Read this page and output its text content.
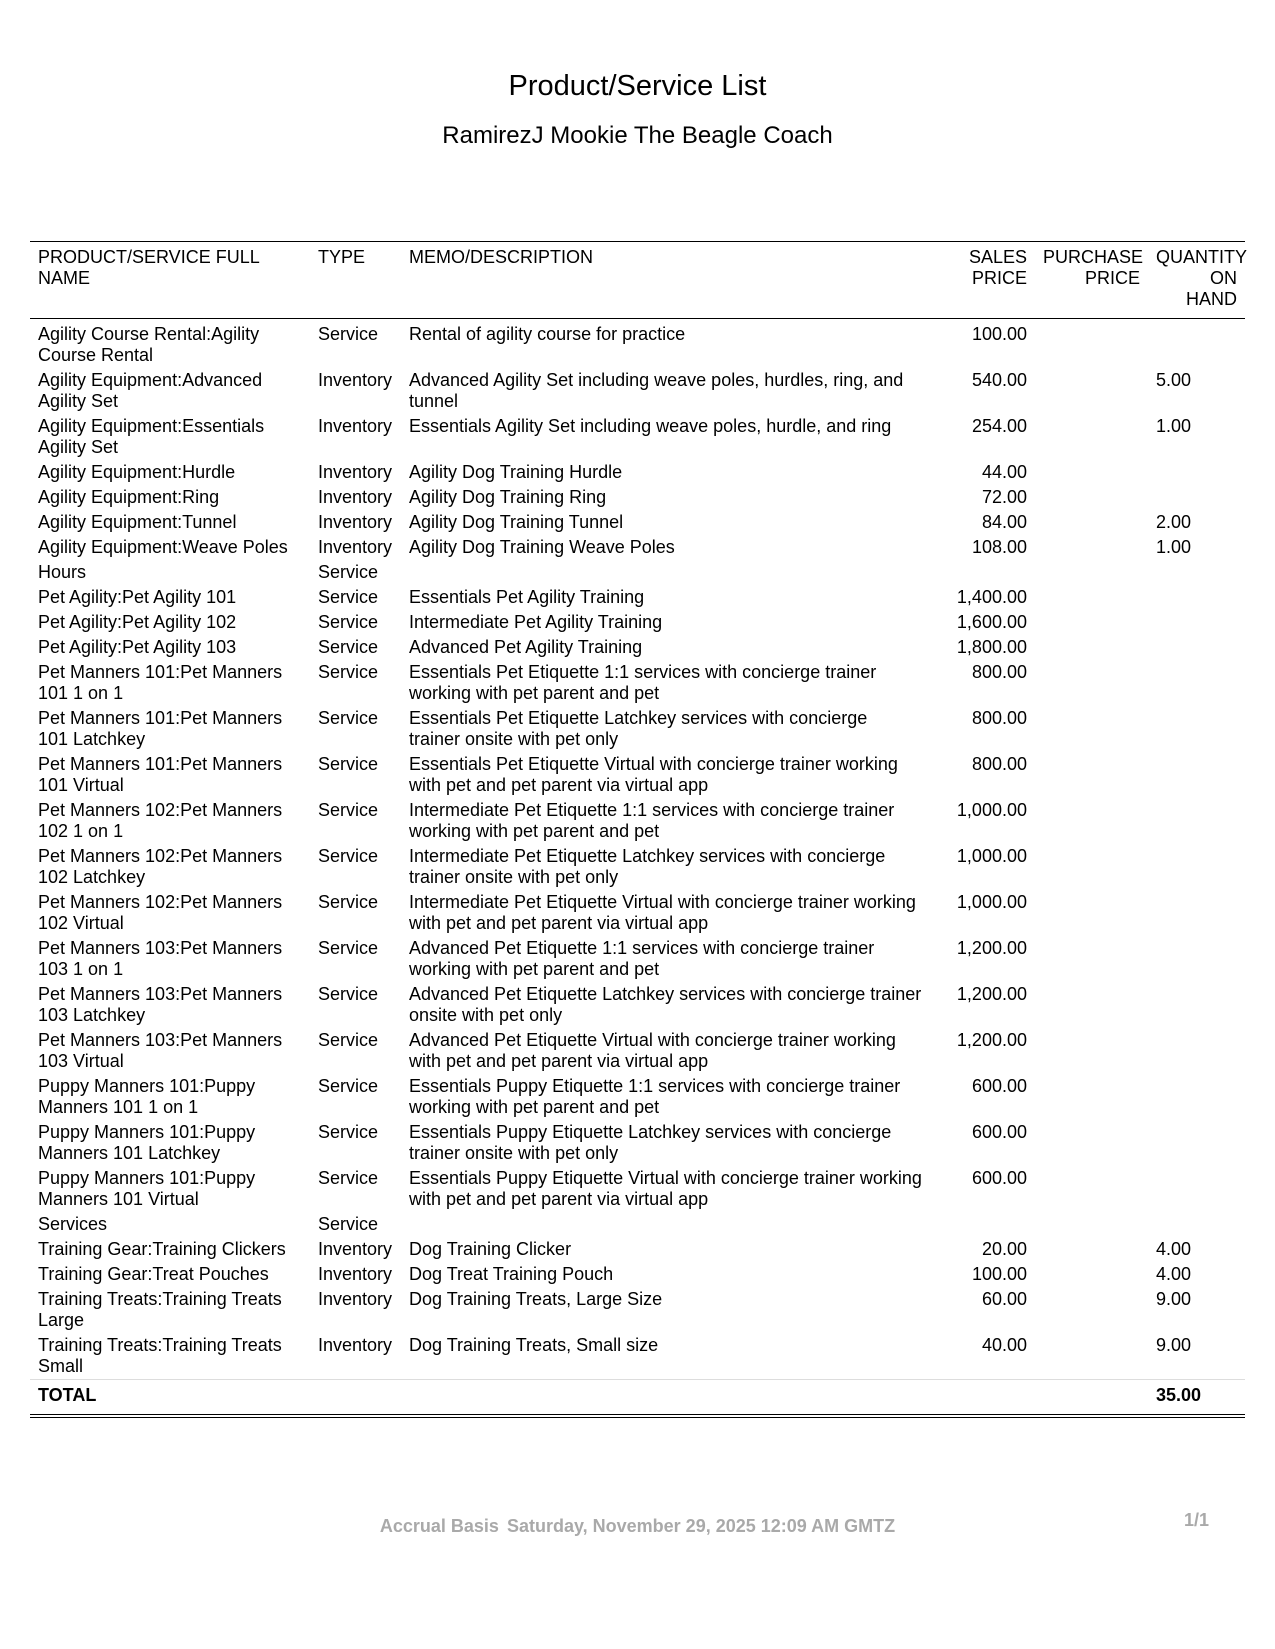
Product/Service List
RamirezJ Mookie The Beagle Coach
PRODUCT/SERVICE FULL NAME	TYPE	MEMO/DESCRIPTION	SALES PRICE	PURCHASE PRICE	QUANTITY ON HAND
Agility Course Rental:Agility Course Rental	Service	Rental of agility course for practice	100.00		
Agility Equipment:Advanced Agility Set	Inventory	Advanced Agility Set including weave poles, hurdles, ring, and tunnel	540.00		5.00
Agility Equipment:Essentials Agility Set	Inventory	Essentials Agility Set including weave poles, hurdle, and ring	254.00		1.00
Agility Equipment:Hurdle	Inventory	Agility Dog Training Hurdle	44.00		
Agility Equipment:Ring	Inventory	Agility Dog Training Ring	72.00		
Agility Equipment:Tunnel	Inventory	Agility Dog Training Tunnel	84.00		2.00
Agility Equipment:Weave Poles	Inventory	Agility Dog Training Weave Poles	108.00		1.00
Hours	Service				
Pet Agility:Pet Agility 101	Service	Essentials Pet Agility Training	1,400.00		
Pet Agility:Pet Agility 102	Service	Intermediate Pet Agility Training	1,600.00		
Pet Agility:Pet Agility 103	Service	Advanced Pet Agility Training	1,800.00		
Pet Manners 101:Pet Manners 101 1 on 1	Service	Essentials Pet Etiquette 1:1 services with concierge trainer working with pet parent and pet	800.00		
Pet Manners 101:Pet Manners 101 Latchkey	Service	Essentials Pet Etiquette Latchkey services with concierge trainer onsite with pet only	800.00		
Pet Manners 101:Pet Manners 101 Virtual	Service	Essentials Pet Etiquette Virtual with concierge trainer working with pet and pet parent via virtual app	800.00		
Pet Manners 102:Pet Manners 102 1 on 1	Service	Intermediate Pet Etiquette 1:1 services with concierge trainer working with pet parent and pet	1,000.00		
Pet Manners 102:Pet Manners 102 Latchkey	Service	Intermediate Pet Etiquette Latchkey services with concierge trainer onsite with pet only	1,000.00		
Pet Manners 102:Pet Manners 102 Virtual	Service	Intermediate Pet Etiquette Virtual with concierge trainer working with pet and pet parent via virtual app	1,000.00		
Pet Manners 103:Pet Manners 103 1 on 1	Service	Advanced Pet Etiquette 1:1 services with concierge trainer working with pet parent and pet	1,200.00		
Pet Manners 103:Pet Manners 103 Latchkey	Service	Advanced Pet Etiquette Latchkey services with concierge trainer onsite with pet only	1,200.00		
Pet Manners 103:Pet Manners 103 Virtual	Service	Advanced Pet Etiquette Virtual with concierge trainer working with pet and pet parent via virtual app	1,200.00		
Puppy Manners 101:Puppy Manners 101 1 on 1	Service	Essentials Puppy Etiquette 1:1 services with concierge trainer working with pet parent and pet	600.00		
Puppy Manners 101:Puppy Manners 101 Latchkey	Service	Essentials Puppy Etiquette Latchkey services with concierge trainer onsite with pet only	600.00		
Puppy Manners 101:Puppy Manners 101 Virtual	Service	Essentials Puppy Etiquette Virtual with concierge trainer working with pet and pet parent via virtual app	600.00		
Services	Service				
Training Gear:Training Clickers	Inventory	Dog Training Clicker	20.00		4.00
Training Gear:Treat Pouches	Inventory	Dog Treat Training Pouch	100.00		4.00
Training Treats:Training Treats Large	Inventory	Dog Training Treats, Large Size	60.00		9.00
Training Treats:Training Treats Small	Inventory	Dog Training Treats, Small size	40.00		9.00
TOTAL					35.00
Accrual Basis Saturday, November 29, 2025 12:09 AM GMTZ	1/1
